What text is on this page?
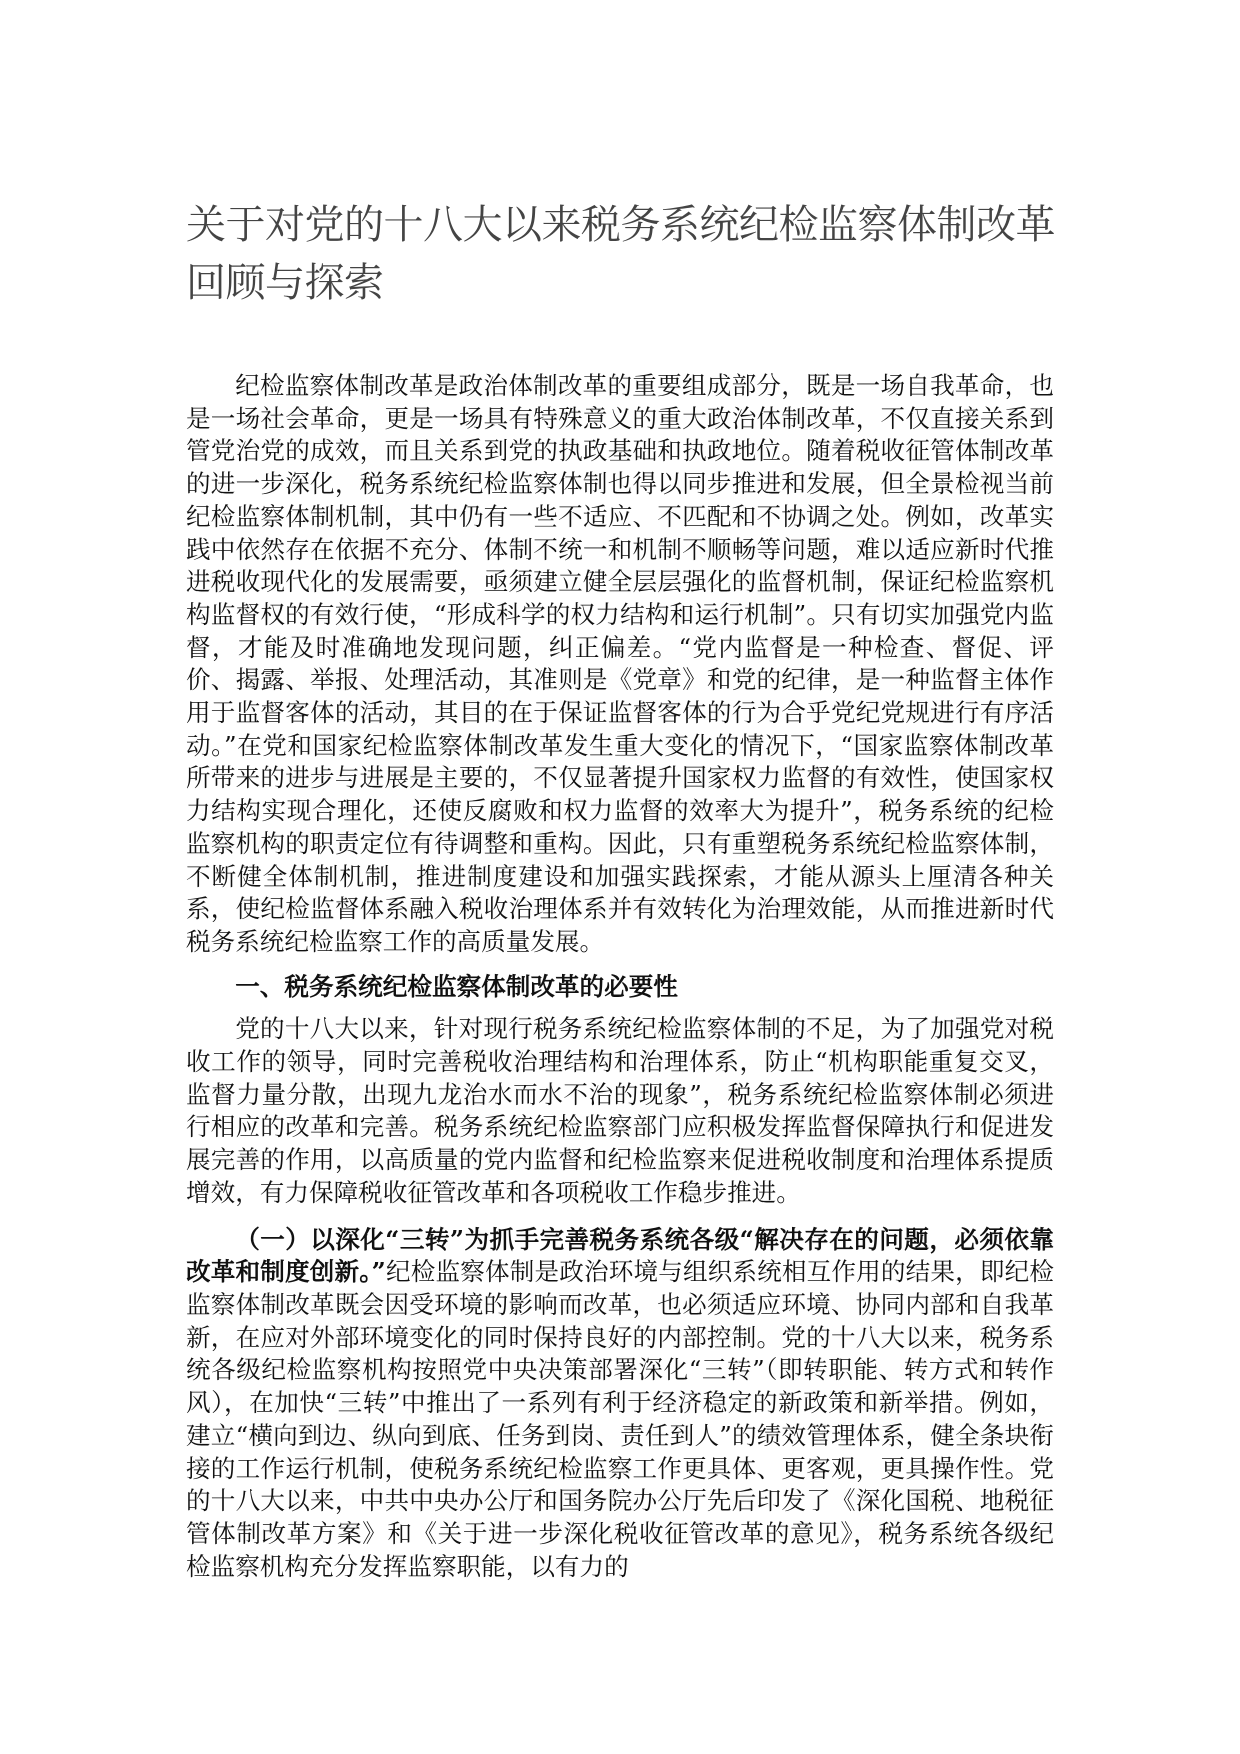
关于对党的十八大以来税务系统纪检监察体制改革回顾与探索

纪检监察体制改革是政治体制改革的重要组成部分，既是一场自我革命，也是一场社会革命，更是一场具有特殊意义的重大政治体制改革，不仅直接关系到管党治党的成效，而且关系到党的执政基础和执政地位。随着税收征管体制改革的进一步深化，税务系统纪检监察体制也得以同步推进和发展，但全景检视当前纪检监察体制机制，其中仍有一些不适应、不匹配和不协调之处。例如，改革实践中依然存在依据不充分、体制不统一和机制不顺畅等问题，难以适应新时代推进税收现代化的发展需要，亟须建立健全层层强化的监督机制，保证纪检监察机构监督权的有效行使，“形成科学的权力结构和运行机制”。只有切实加强党内监督，才能及时准确地发现问题，纠正偏差。“党内监督是一种检查、督促、评价、揭露、举报、处理活动，其准则是《党章》和党的纪律，是一种监督主体作用于监督客体的活动，其目的在于保证监督客体的行为合乎党纪党规进行有序活动。”在党和国家纪检监察体制改革发生重大变化的情况下，“国家监察体制改革所带来的进步与进展是主要的，不仅显著提升国家权力监督的有效性，使国家权力结构实现合理化，还使反腐败和权力监督的效率大为提升”，税务系统的纪检监察机构的职责定位有待调整和重构。因此，只有重塑税务系统纪检监察体制，不断健全体制机制，推进制度建设和加强实践探索，才能从源头上厘清各种关系，使纪检监督体系融入税收治理体系并有效转化为治理效能，从而推进新时代税务系统纪检监察工作的高质量发展。

一、税务系统纪检监察体制改革的必要性

党的十八大以来，针对现行税务系统纪检监察体制的不足，为了加强党对税收工作的领导，同时完善税收治理结构和治理体系，防止“机构职能重复交叉，监督力量分散，出现九龙治水而水不治的现象”，税务系统纪检监察体制必须进行相应的改革和完善。税务系统纪检监察部门应积极发挥监督保障执行和促进发展完善的作用，以高质量的党内监督和纪检监察来促进税收制度和治理体系提质增效，有力保障税收征管改革和各项税收工作稳步推进。

（一）以深化“三转”为抓手完善税务系统各级“解决存在的问题，必须依靠改革和制度创新。”纪检监察体制是政治环境与组织系统相互作用的结果，即纪检监察体制改革既会因受环境的影响而改革，也必须适应环境、协同内部和自我革新，在应对外部环境变化的同时保持良好的内部控制。党的十八大以来，税务系统各级纪检监察机构按照党中央决策部署深化“三转”（即转职能、转方式和转作风），在加快“三转”中推出了一系列有利于经济稳定的新政策和新举措。例如，建立“横向到边、纵向到底、任务到岗、责任到人”的绩效管理体系，健全条块衔接的工作运行机制，使税务系统纪检监察工作更具体、更客观，更具操作性。党的十八大以来，中共中央办公厅和国务院办公厅先后印发了《深化国税、地税征管体制改革方案》和《关于进一步深化税收征管改革的意见》，税务系统各级纪检监察机构充分发挥监察职能，以有力的
